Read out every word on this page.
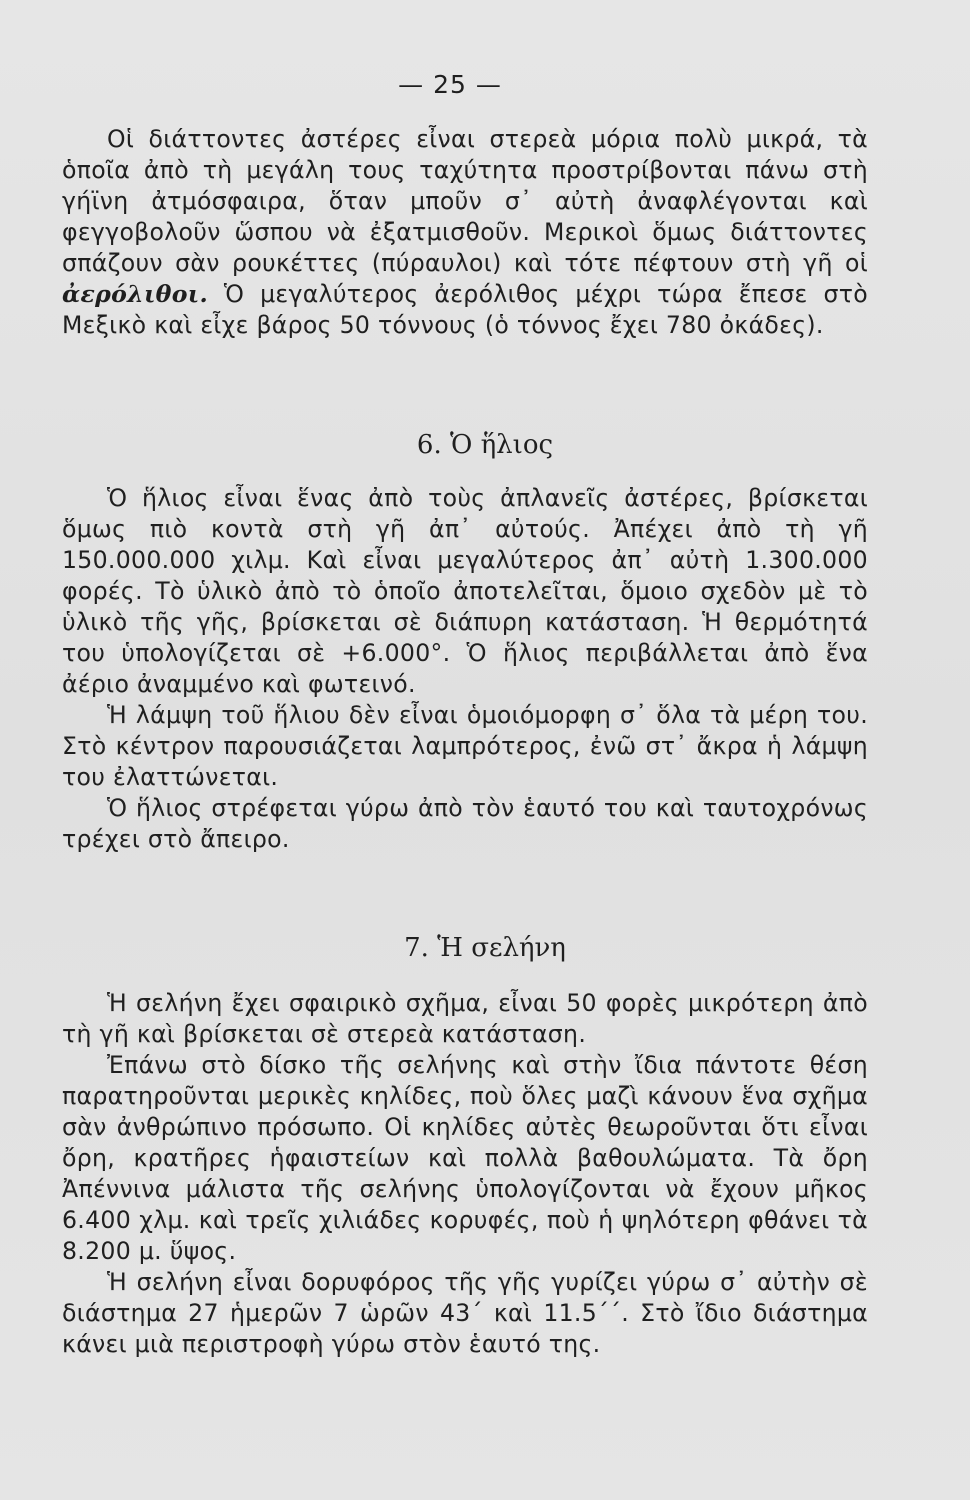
— 25 —

Οἱ διάττοντες ἀστέρες εἶναι στερεὰ μόρια πολὺ μικρά, τὰ ὁποῖα ἀπὸ τὴ μεγάλη τους ταχύτητα προστρίβονται πάνω στὴ γήϊνη ἀτμόσφαιρα, ὅταν μποῦν σ᾿ αὐτὴ ἀναφλέγονται καὶ φεγγοβολοῦν ὥσπου νὰ ἐξατμισθοῦν. Μερικοὶ ὅμως διάττοντες σπάζουν σὰν ρουκέττες (πύραυλοι) καὶ τότε πέφτουν στὴ γῆ οἱ ἀερόλιθοι. Ὁ μεγαλύτερος ἀερόλιθος μέχρι τώρα ἔπεσε στὸ Μεξικὸ καὶ εἶχε βάρος 50 τόννους (ὁ τόννος ἔχει 780 ὀκάδες).

6. Ὁ ἥλιος

Ὁ ἥλιος εἶναι ἕνας ἀπὸ τοὺς ἀπλανεῖς ἀστέρες, βρίσκεται ὅμως πιὸ κοντὰ στὴ γῆ ἀπ᾿ αὐτούς. Ἀπέχει ἀπὸ τὴ γῆ 150.000.000 χιλμ. Καὶ εἶναι μεγαλύτερος ἀπ᾿ αὐτὴ 1.300.000 φορές. Τὸ ὑλικὸ ἀπὸ τὸ ὁποῖο ἀποτελεῖται, ὅμοιο σχεδὸν μὲ τὸ ὑλικὸ τῆς γῆς, βρίσκεται σὲ διάπυρη κατάσταση. Ἡ θερμότητά του ὑπολογίζεται σὲ +6.000°. Ὁ ἥλιος περιβάλλεται ἀπὸ ἕνα ἀέριο ἀναμμένο καὶ φωτεινό.

Ἡ λάμψη τοῦ ἥλιου δὲν εἶναι ὁμοιόμορφη σ᾿ ὅλα τὰ μέρη του. Στὸ κέντρον παρουσιάζεται λαμπρότερος, ἐνῶ στ᾿ ἄκρα ἡ λάμψη του ἐλαττώνεται.

Ὁ ἥλιος στρέφεται γύρω ἀπὸ τὸν ἑαυτό του καὶ ταυτοχρόνως τρέχει στὸ ἄπειρο.

7. Ἡ σελήνη

Ἡ σελήνη ἔχει σφαιρικὸ σχῆμα, εἶναι 50 φορὲς μικρότερη ἀπὸ τὴ γῆ καὶ βρίσκεται σὲ στερεὰ κατάσταση.

Ἐπάνω στὸ δίσκο τῆς σελήνης καὶ στὴν ἴδια πάντοτε θέση παρατηροῦνται μερικὲς κηλίδες, ποὺ ὅλες μαζὶ κάνουν ἕνα σχῆμα σὰν ἀνθρώπινο πρόσωπο. Οἱ κηλίδες αὐτὲς θεωροῦνται ὅτι εἶναι ὄρη, κρατῆρες ἡφαιστείων καὶ πολλὰ βαθουλώματα. Τὰ ὄρη Ἀπέννινα μάλιστα τῆς σελήνης ὑπολογίζονται νὰ ἔχουν μῆκος 6.400 χλμ. καὶ τρεῖς χιλιάδες κορυφές, ποὺ ἡ ψηλότερη φθάνει τὰ 8.200 μ. ὕψος.

Ἡ σελήνη εἶναι δορυφόρος τῆς γῆς γυρίζει γύρω σ᾿ αὐτὴν σὲ διάστημα 27 ἡμερῶν 7 ὡρῶν 43΄ καὶ 11.5΄΄. Στὸ ἴδιο διάστημα κάνει μιὰ περιστροφὴ γύρω στὸν ἑαυτό της.
